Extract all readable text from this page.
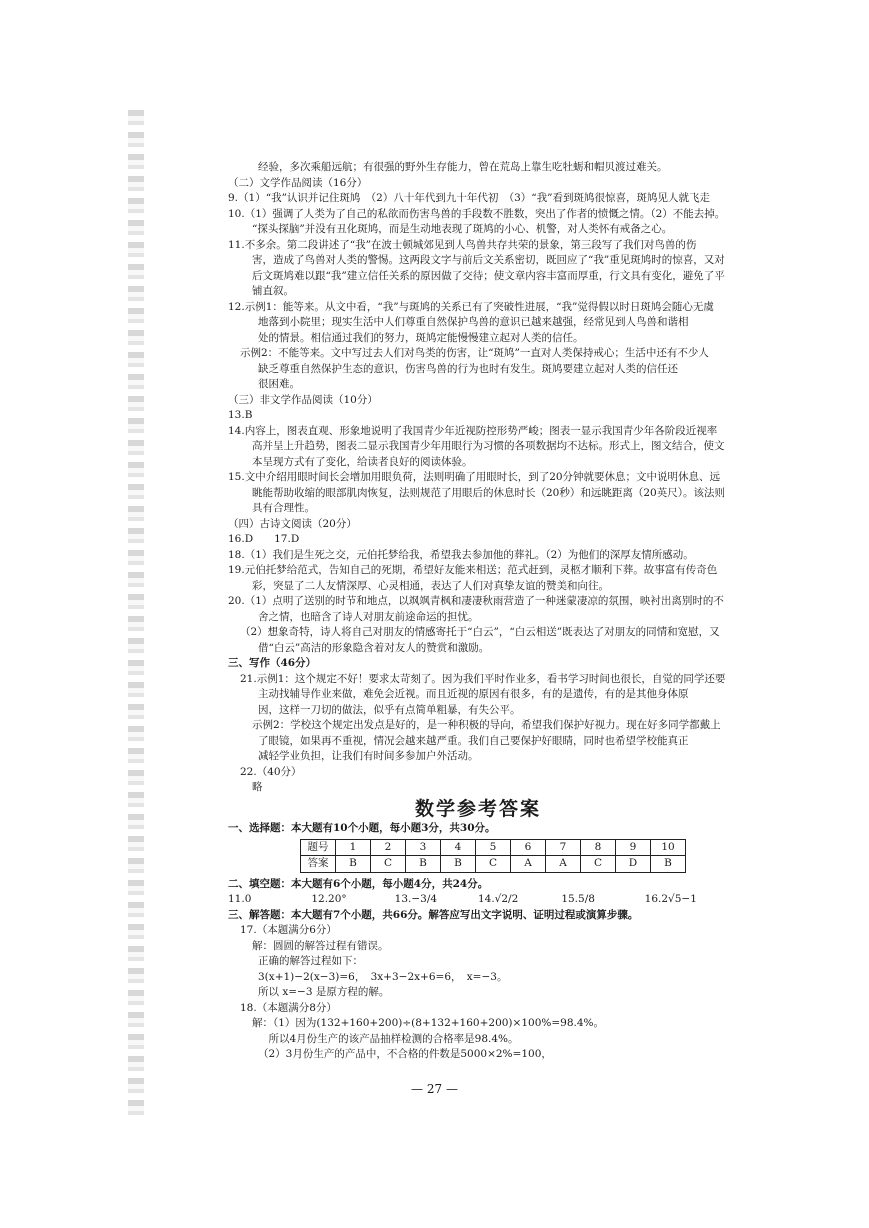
经验，多次乘船远航；有很强的野外生存能力，曾在荒岛上靠生吃牡蛎和帽贝渡过难关。
（二）文学作品阅读（16分）
9.（1）“我”认识并记住斑鸠　（2）八十年代到九十年代初　（3）“我”看到斑鸠很惊喜，斑鸠见人就飞走
10.（1）强调了人类为了自己的私欲而伤害鸟兽的手段数不胜数，突出了作者的愤慨之情。（2）不能去掉。
“探头探脑”并没有丑化斑鸠，而是生动地表现了斑鸠的小心、机警，对人类怀有戒备之心。
11.不多余。第二段讲述了“我”在波士顿城郊见到人鸟兽共存共荣的景象，第三段写了我们对鸟兽的伤
害，造成了鸟兽对人类的警惕。这两段文字与前后文关系密切，既回应了“我”重见斑鸠时的惊喜，又对
后文斑鸠难以跟“我”建立信任关系的原因做了交待；使文章内容丰富而厚重，行文具有变化，避免了平
铺直叙。
12.示例1：能等来。从文中看，“我”与斑鸠的关系已有了突破性进展，“我”觉得假以时日斑鸠会随心无虞
地落到小院里；现实生活中人们尊重自然保护鸟兽的意识已越来越强，经常见到人鸟兽和谐相
处的情景。相信通过我们的努力，斑鸠定能慢慢建立起对人类的信任。
示例2：不能等来。文中写过去人们对鸟类的伤害，让“斑鸠”一直对人类保持戒心；生活中还有不少人
缺乏尊重自然保护生态的意识，伤害鸟兽的行为也时有发生。斑鸠要建立起对人类的信任还
很困难。
（三）非文学作品阅读（10分）
13.B
14.内容上，图表直观、形象地说明了我国青少年近视防控形势严峻；图表一显示我国青少年各阶段近视率
高并呈上升趋势，图表二显示我国青少年用眼行为习惯的各项数据均不达标。形式上，图文结合，使文
本呈现方式有了变化，给读者良好的阅读体验。
15.文中介绍用眼时间长会增加用眼负荷，法则明确了用眼时长，到了20分钟就要休息；文中说明休息、远
眺能帮助收缩的眼部肌肉恢复，法则规范了用眼后的休息时长（20秒）和远眺距离（20英尺）。该法则
具有合理性。
（四）古诗文阅读（20分）
16.D　　17.D
18.（1）我们是生死之交，元伯托梦给我，希望我去参加他的葬礼。（2）为他们的深厚友情所感动。
19.元伯托梦给范式，告知自己的死期，希望好友能来相送；范式赶到，灵柩才顺利下葬。故事富有传奇色
彩，突显了二人友情深厚、心灵相通，表达了人们对真挚友谊的赞美和向往。
20.（1）点明了送别的时节和地点，以飒飒青枫和凄凄秋雨营造了一种迷蒙凄凉的氛围，映衬出离别时的不
舍之情，也暗含了诗人对朋友前途命运的担忧。
（2）想象奇特，诗人将自己对朋友的情感寄托于“白云”，“白云相送”既表达了对朋友的同情和宽慰，又
借“白云”高洁的形象隐含着对友人的赞赏和激励。
三、写作（46分）
21.示例1：这个规定不好！要求太苛刻了。因为我们平时作业多，看书学习时间也很长，自觉的同学还要
主动找辅导作业来做，难免会近视。而且近视的原因有很多，有的是遗传，有的是其他身体原
因，这样一刀切的做法，似乎有点简单粗暴，有失公平。
示例2：学校这个规定出发点是好的，是一种积极的导向，希望我们保护好视力。现在好多同学都戴上
了眼镜，如果再不重视，情况会越来越严重。我们自己要保护好眼睛，同时也希望学校能真正
减轻学业负担，让我们有时间多参加户外活动。
22.（40分）
略
数学参考答案
一、选择题：本大题有10个小题，每小题3分，共30分。
题号	1	2	3	4	5	6	7	8	9	10
答案	B	C	B	B	C	A	A	C	D	B
二、填空题：本大题有6个小题，每小题4分，共24分。
11.0	12.20°	13.−3/4	14.√2/2	15.5/8	16.2√5−1
三、解答题：本大题有7个小题，共66分。解答应写出文字说明、证明过程或演算步骤。
17.（本题满分6分）
解：圆圆的解答过程有错误。
正确的解答过程如下：
3(x+1)−2(x−3)=6，　3x+3−2x+6=6，　x=−3。
所以 x=−3 是原方程的解。
18.（本题满分8分）
解：（1）因为(132+160+200)÷(8+132+160+200)×100%=98.4%。
　所以4月份生产的该产品抽样检测的合格率是98.4%。
（2）3月份生产的产品中，不合格的件数是5000×2%=100，
— 27 —
